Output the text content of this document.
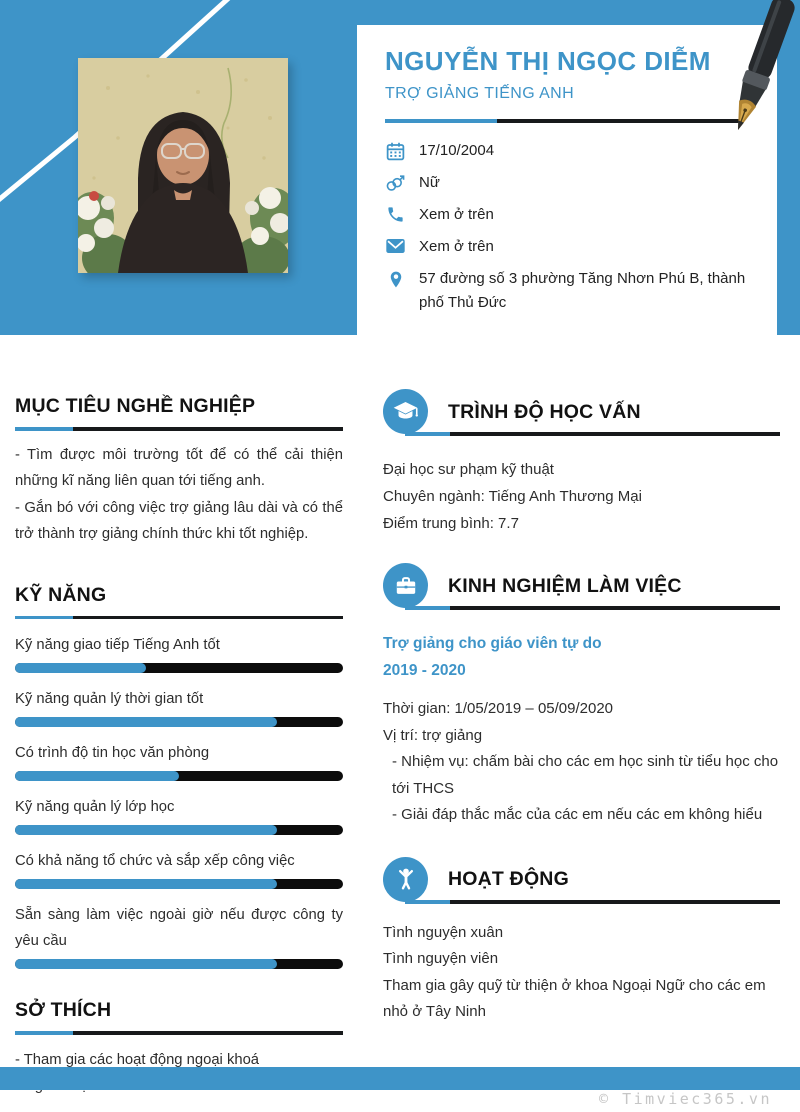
NGUYỄN THỊ NGỌC DIỄM
TRỢ GIẢNG TIẾNG ANH
17/10/2004
Nữ
Xem ở trên
Xem ở trên
57 đường số 3 phường Tăng Nhơn Phú B, thành phố Thủ Đức
MỤC TIÊU NGHỀ NGHIỆP

- Tìm được môi trường tốt để có thể cải thiện những kĩ năng liên quan tới tiếng anh.

- Gắn bó với công việc trợ giảng lâu dài và có thể trở thành trợ giảng chính thức khi tốt nghiệp.

KỸ NĂNG
Kỹ năng giao tiếp Tiếng Anh tốt
Kỹ năng quản lý thời gian tốt
Có trình độ tin học văn phòng
Kỹ năng quản lý lớp học
Có khả năng tổ chức và sắp xếp công việc
Sẵn sàng làm việc ngoài giờ nếu được công ty yêu cầu
SỞ THÍCH

- Tham gia các hoạt động ngoại khoá

TRÌNH ĐỘ HỌC VẤN

Đại học sư phạm kỹ thuật

Chuyên ngành: Tiếng Anh Thương Mại

Điểm trung bình: 7.7

KINH NGHIỆM LÀM VIỆC

Trợ giảng cho giáo viên tự do

2019 - 2020

Thời gian: 1/05/2019 – 05/09/2020

Vị trí: trợ giảng

- Nhiệm vụ: chấm bài cho các em học sinh từ tiểu học cho tới THCS

- Giải đáp thắc mắc của các em nếu các em không hiểu

HOẠT ĐỘNG

Tình nguyện xuân

Tình nguyện viên

Tham gia gây quỹ từ thiện ở khoa Ngoại Ngữ cho các em nhỏ ở Tây Ninh

© Timviec365.vn
